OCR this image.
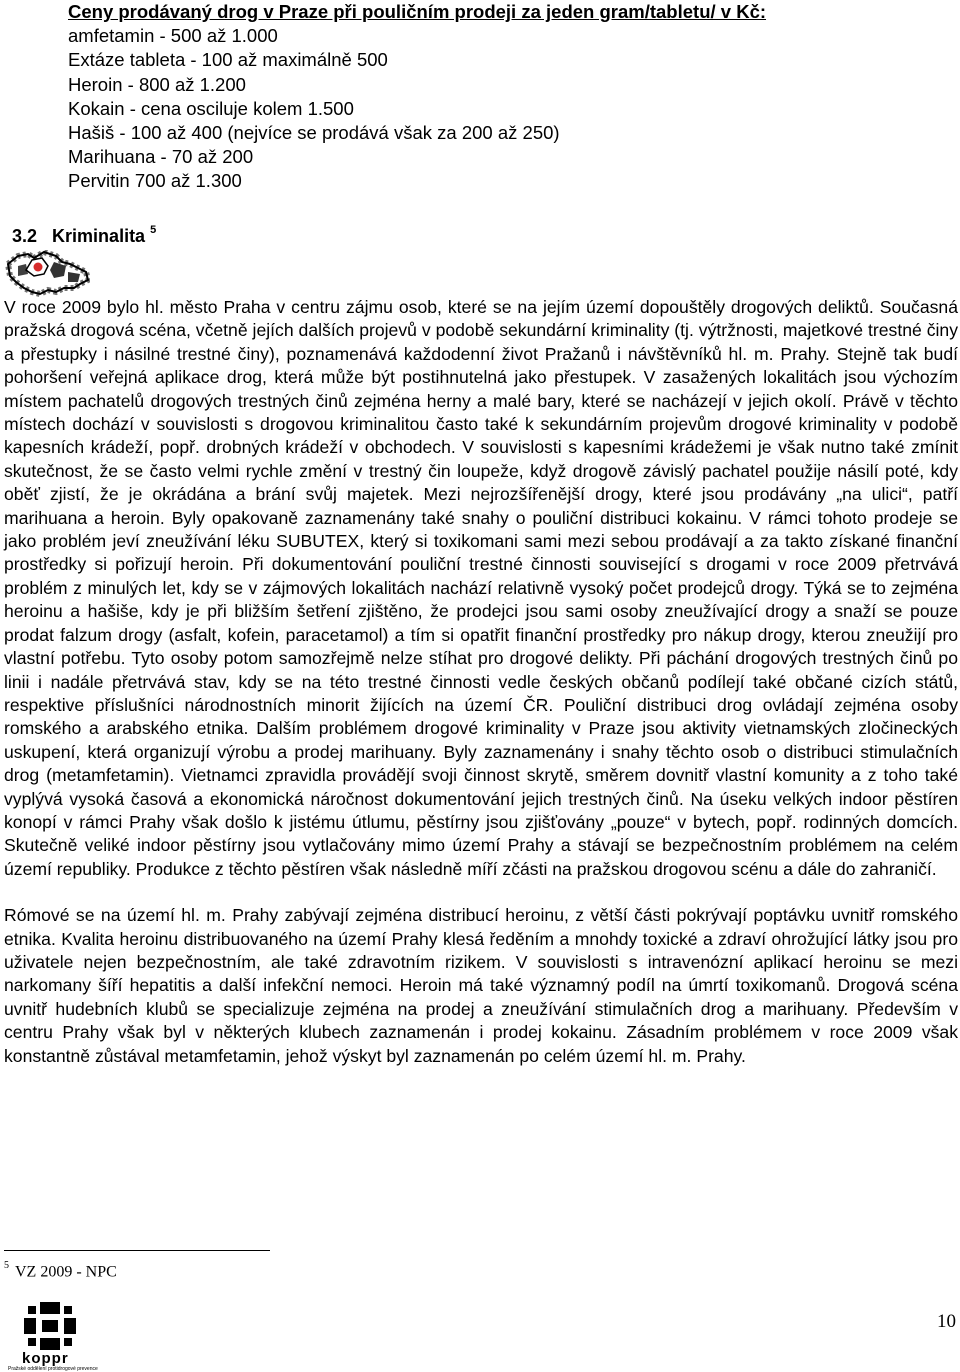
Ceny prodávaný drog v Praze při pouličním prodeji za jeden gram/tabletu/ v Kč:
amfetamin - 500 až 1.000
Extáze tableta - 100 až maximálně 500
Heroin - 800 až 1.200
Kokain - cena osciluje kolem 1.500
Hašiš - 100 až 400 (nejvíce se prodává však za 200 až 250)
Marihuana - 70 až 200
Pervitin 700 až 1.300
3.2 Kriminalita $^5$

V roce 2009 bylo hl. město Praha v centru zájmu osob, které se na jejím území dopouštěly drogových deliktů. Současná pražská drogová scéna, včetně jejích dalších projevů v podobě sekundární kriminality (tj. výtržnosti, majetkové trestné činy a přestupky i násilné trestné činy), poznamenává každodenní život Pražanů i návštěvníků hl. m. Prahy. Stejně tak budí pohoršení veřejná aplikace drog, která může být postihnutelná jako přestupek. V zasažených lokalitách jsou výchozím místem pachatelů drogových trestných činů zejména herny a malé bary, které se nacházejí v jejich okolí. Právě v těchto místech dochází v souvislosti s drogovou kriminalitou často také k sekundárním projevům drogové kriminality v podobě kapesních krádeží, popř. drobných krádeží v obchodech. V souvislosti s kapesními krádežemi je však nutno také zmínit skutečnost, že se často velmi rychle změní v trestný čin loupeže, když drogově závislý pachatel použije násilí poté, kdy oběť zjistí, že je okrádána a brání svůj majetek. Mezi nejrozšířenější drogy, které jsou prodávány „na ulici“, patří marihuana a heroin. Byly opakovaně zaznamenány také snahy o pouliční distribuci kokainu. V rámci tohoto prodeje se jako problém jeví zneužívání léku SUBUTEX, který si toxikomani sami mezi sebou prodávají a za takto získané finanční prostředky si pořizují heroin. Při dokumentování pouliční trestné činnosti související s drogami v roce 2009 přetrvává problém z minulých let, kdy se v zájmových lokalitách nachází relativně vysoký počet prodejců drogy. Týká se to zejména heroinu a hašiše, kdy je při bližším šetření zjištěno, že prodejci jsou sami osoby zneužívající drogy a snaží se pouze prodat falzum drogy (asfalt, kofein, paracetamol) a tím si opatřit finanční prostředky pro nákup drogy, kterou zneužijí pro vlastní potřebu. Tyto osoby potom samozřejmě nelze stíhat pro drogové delikty. Při páchání drogových trestných činů po linii i nadále přetrvává stav, kdy se na této trestné činnosti vedle českých občanů podílejí také občané cizích států, respektive příslušníci národnostních minorit žijících na území ČR. Pouliční distribuci drog ovládají zejména osoby romského a arabského etnika. Dalším problémem drogové kriminality v Praze jsou aktivity vietnamských zločineckých uskupení, která organizují výrobu a prodej marihuany. Byly zaznamenány i snahy těchto osob o distribuci stimulačních drog (metamfetamin). Vietnamci zpravidla provádějí svoji činnost skrytě, směrem dovnitř vlastní komunity a z toho také vyplývá vysoká časová a ekonomická náročnost dokumentování jejich trestných činů. Na úseku velkých indoor pěstíren konopí v rámci Prahy však došlo k jistému útlumu, pěstírny jsou zjišťovány „pouze“ v bytech, popř. rodinných domcích. Skutečně veliké indoor pěstírny jsou vytlačovány mimo území Prahy a stávají se bezpečnostním problémem na celém území republiky. Produkce z těchto pěstíren však následně míří zčásti na pražskou drogovou scénu a dále do zahraničí.

Rómové se na území hl. m. Prahy zabývají zejména distribucí heroinu, z větší části pokrývají poptávku uvnitř romského etnika. Kvalita heroinu distribuovaného na území Prahy klesá ředěním a mnohdy toxické a zdraví ohrožující látky jsou pro uživatele nejen bezpečnostním, ale také zdravotním rizikem. V souvislosti s intravenózní aplikací heroinu se mezi narkomany šíří hepatitis a další infekční nemoci. Heroin má také významný podíl na úmrtí toxikomanů. Drogová scéna uvnitř hudebních klubů se specializuje zejména na prodej a zneužívání stimulačních drog a marihuany. Především v centru Prahy však byl v některých klubech zaznamenán i prodej kokainu. Zásadním problémem v roce 2009 však konstantně zůstával metamfetamin, jehož výskyt byl zaznamenán po celém území hl. m. Prahy.

$^5$ VZ 2009 - NPC
koppr
Pražské oddělení protidrogové prevence
10
